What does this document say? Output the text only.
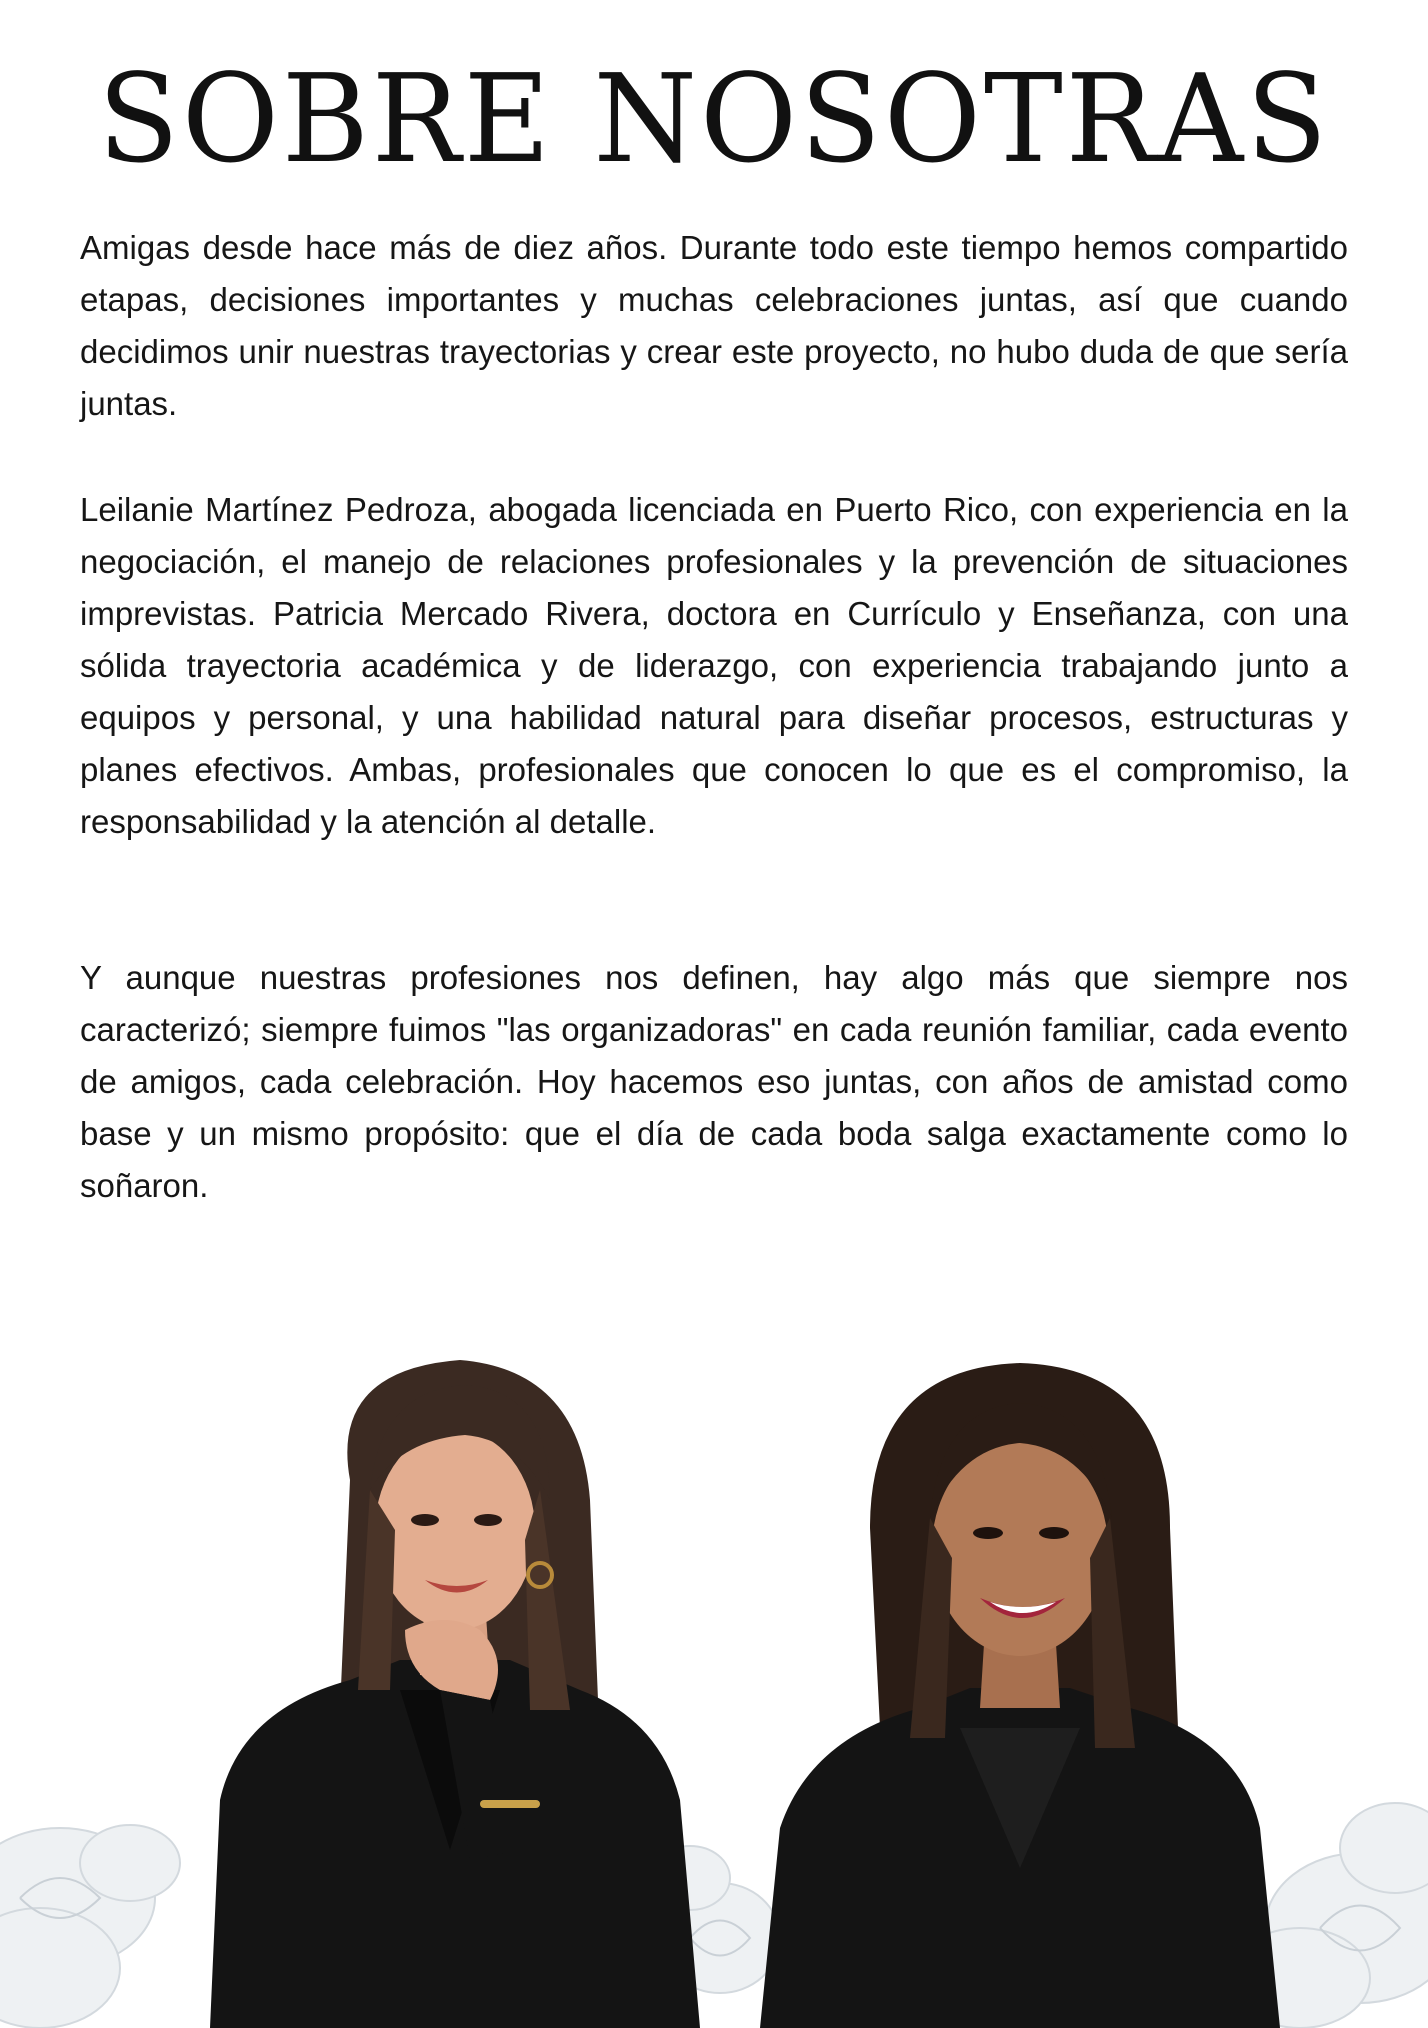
SOBRE NOSOTRAS

Amigas desde hace más de diez años. Durante todo este tiempo hemos compartido etapas, decisiones importantes y muchas celebraciones juntas, así que cuando decidimos unir nuestras trayectorias y crear este proyecto, no hubo duda de que sería juntas.

Leilanie Martínez Pedroza, abogada licenciada en Puerto Rico, con experiencia en la negociación, el manejo de relaciones profesionales y la prevención de situaciones imprevistas. Patricia Mercado Rivera, doctora en Currículo y Enseñanza, con una sólida trayectoria académica y de liderazgo, con experiencia trabajando junto a equipos y personal, y una habilidad natural para diseñar procesos, estructuras y planes efectivos. Ambas, profesionales que conocen lo que es el compromiso, la responsabilidad y la atención al detalle.

Y aunque nuestras profesiones nos definen, hay algo más que siempre nos caracterizó; siempre fuimos "las organizadoras" en cada reunión familiar, cada evento de amigos, cada celebración. Hoy hacemos eso juntas, con años de amistad como base y un mismo propósito: que el día de cada boda salga exactamente como lo soñaron.
